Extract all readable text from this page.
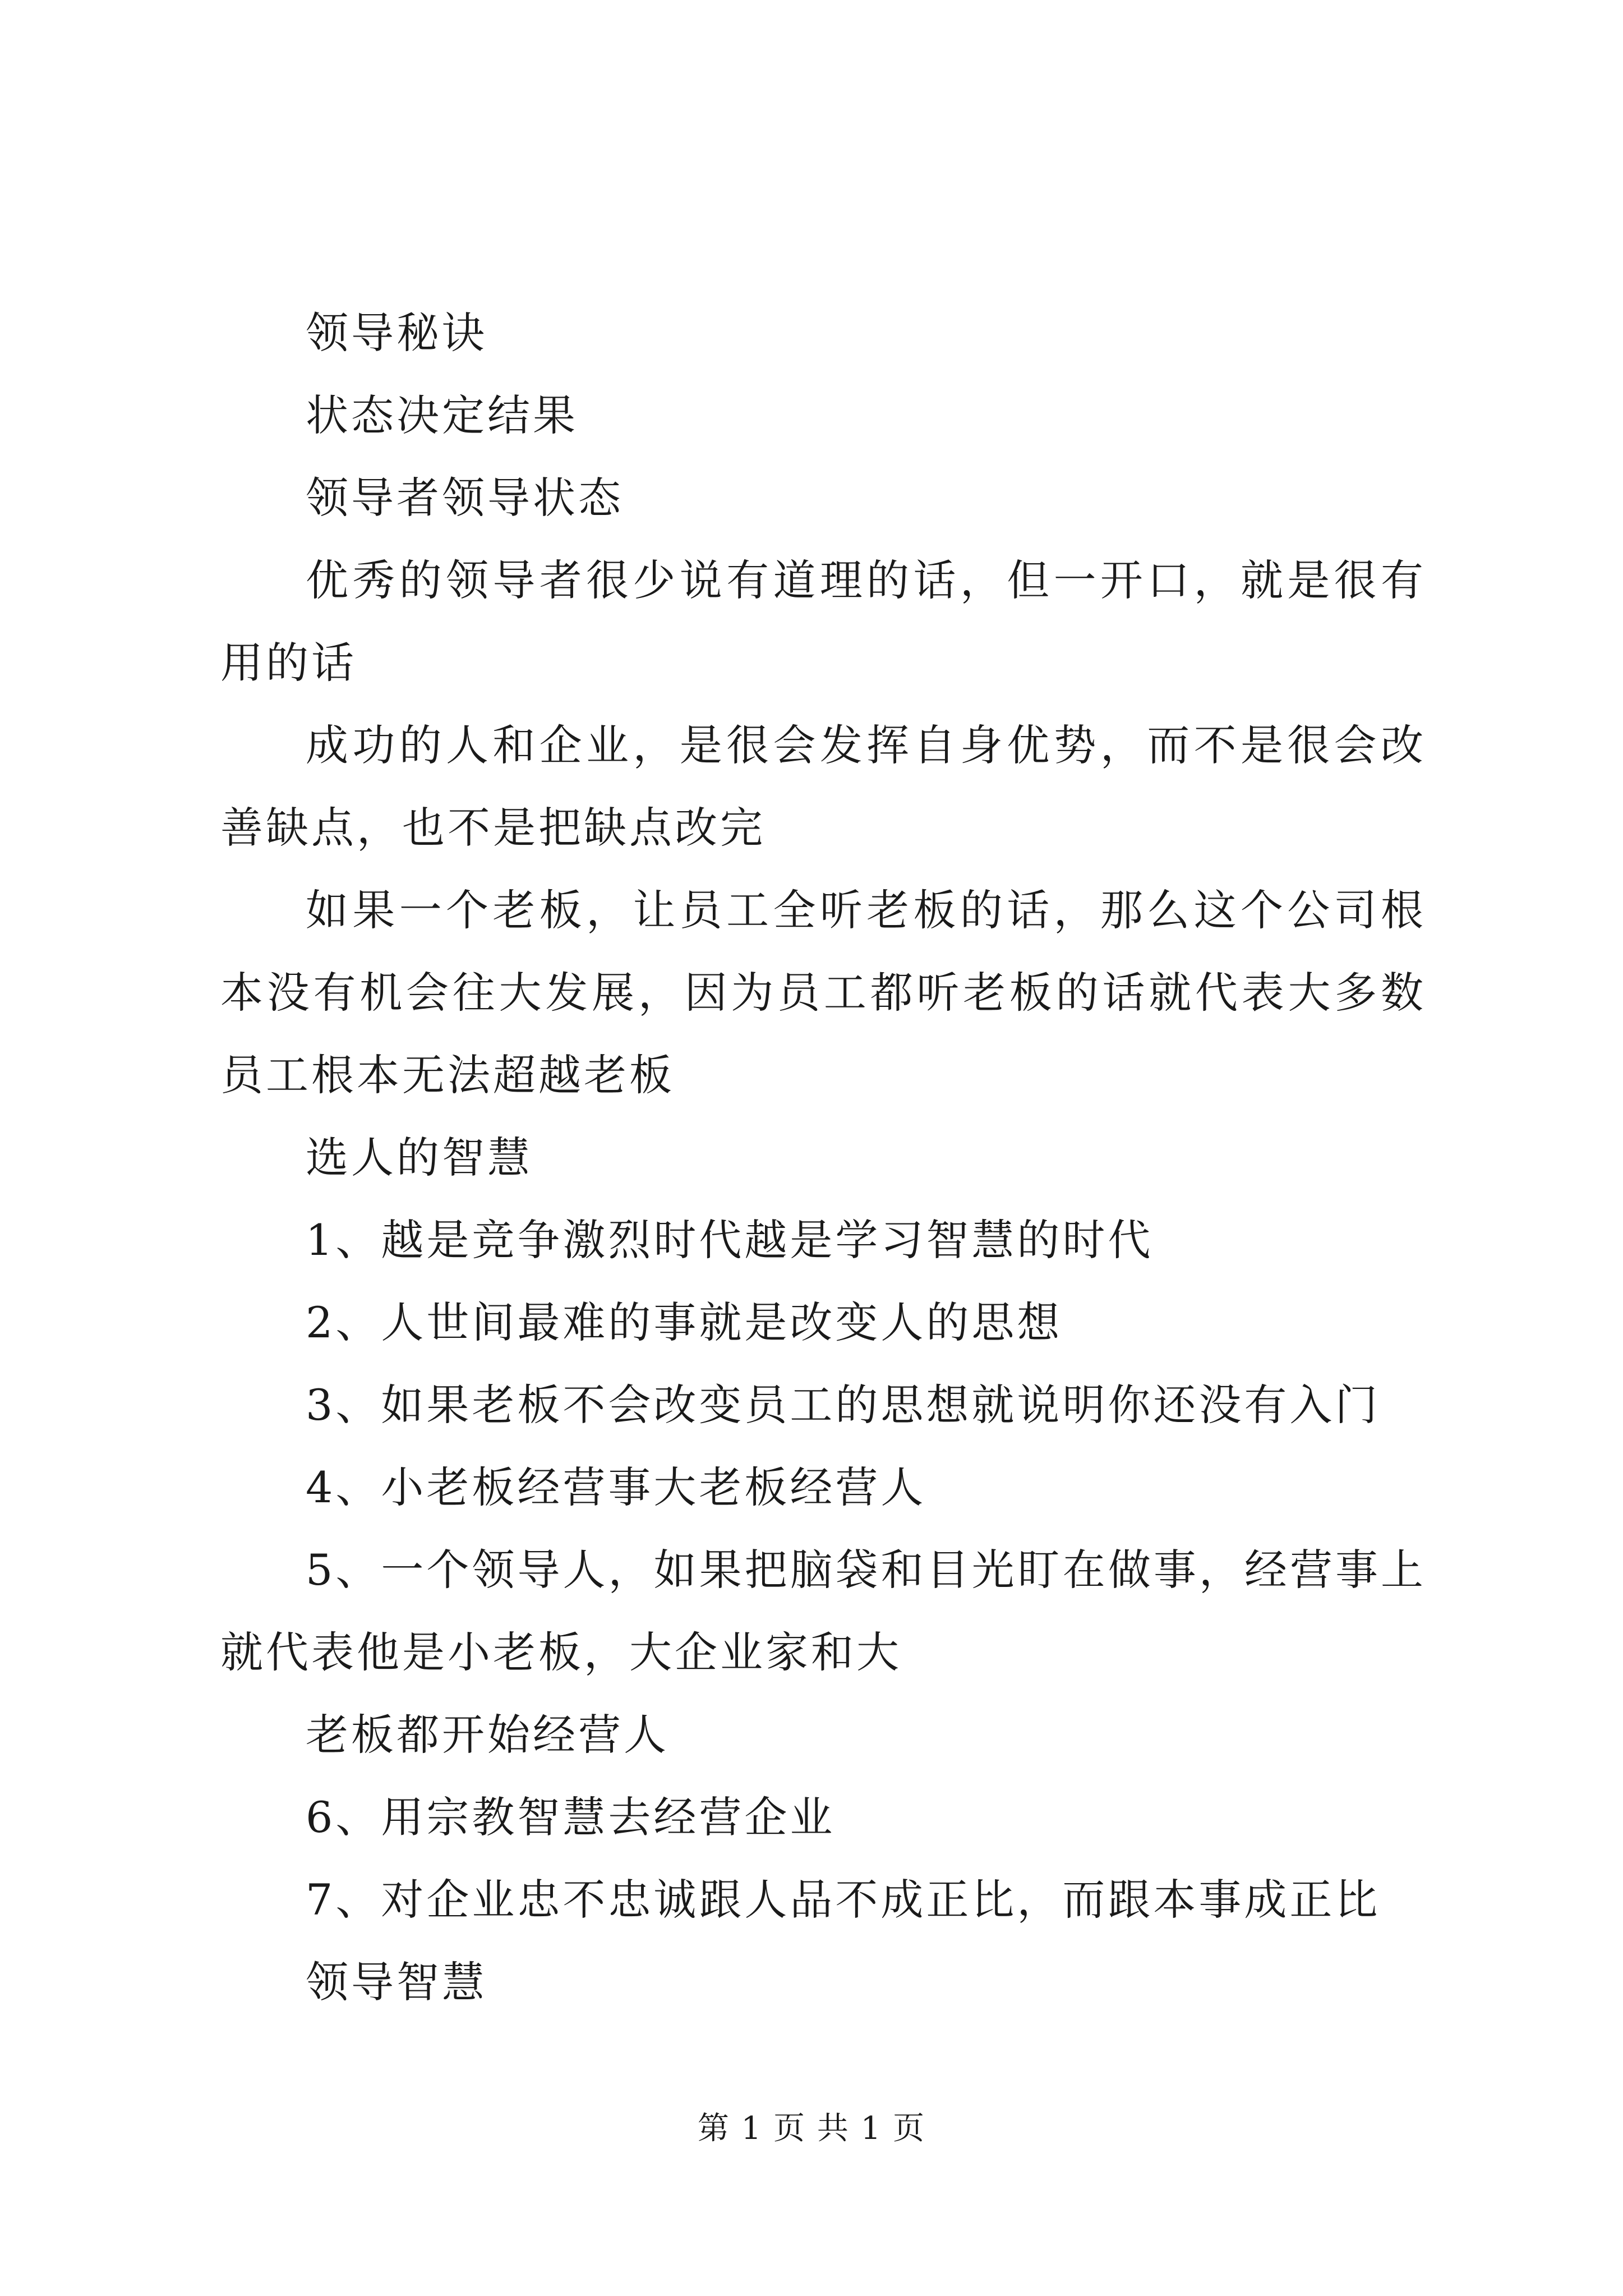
领导秘诀

状态决定结果

领导者领导状态

优秀的领导者很少说有道理的话，但一开口，就是很有用的话

成功的人和企业，是很会发挥自身优势，而不是很会改善缺点，也不是把缺点改完

如果一个老板，让员工全听老板的话，那么这个公司根本没有机会往大发展，因为员工都听老板的话就代表大多数员工根本无法超越老板

选人的智慧

1、越是竞争激烈时代越是学习智慧的时代

2、人世间最难的事就是改变人的思想

3、如果老板不会改变员工的思想就说明你还没有入门

4、小老板经营事大老板经营人

5、一个领导人，如果把脑袋和目光盯在做事，经营事上就代表他是小老板，大企业家和大

老板都开始经营人

6、用宗教智慧去经营企业

7、对企业忠不忠诚跟人品不成正比，而跟本事成正比

领导智慧

第 1 页 共 1 页
